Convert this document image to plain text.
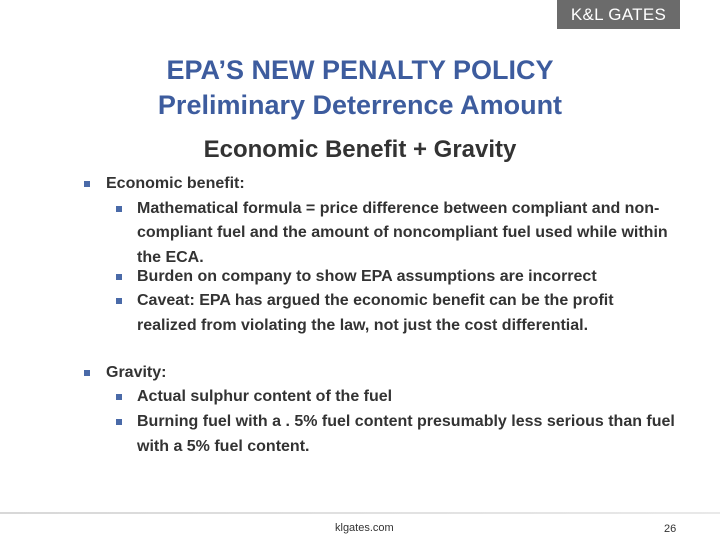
K&L GATES
EPA’S NEW PENALTY POLICY
Preliminary Deterrence Amount
Economic Benefit + Gravity
Economic benefit:
Mathematical formula = price difference between compliant and non-compliant fuel and the amount of noncompliant fuel used while within the ECA.
Burden on company to show EPA assumptions are incorrect
Caveat: EPA has argued the economic benefit can be the profit realized from violating the law, not just the cost differential.
Gravity:
Actual sulphur content of the fuel
Burning fuel with a . 5% fuel content presumably less serious than fuel with a 5% fuel content.
klgates.com	26
